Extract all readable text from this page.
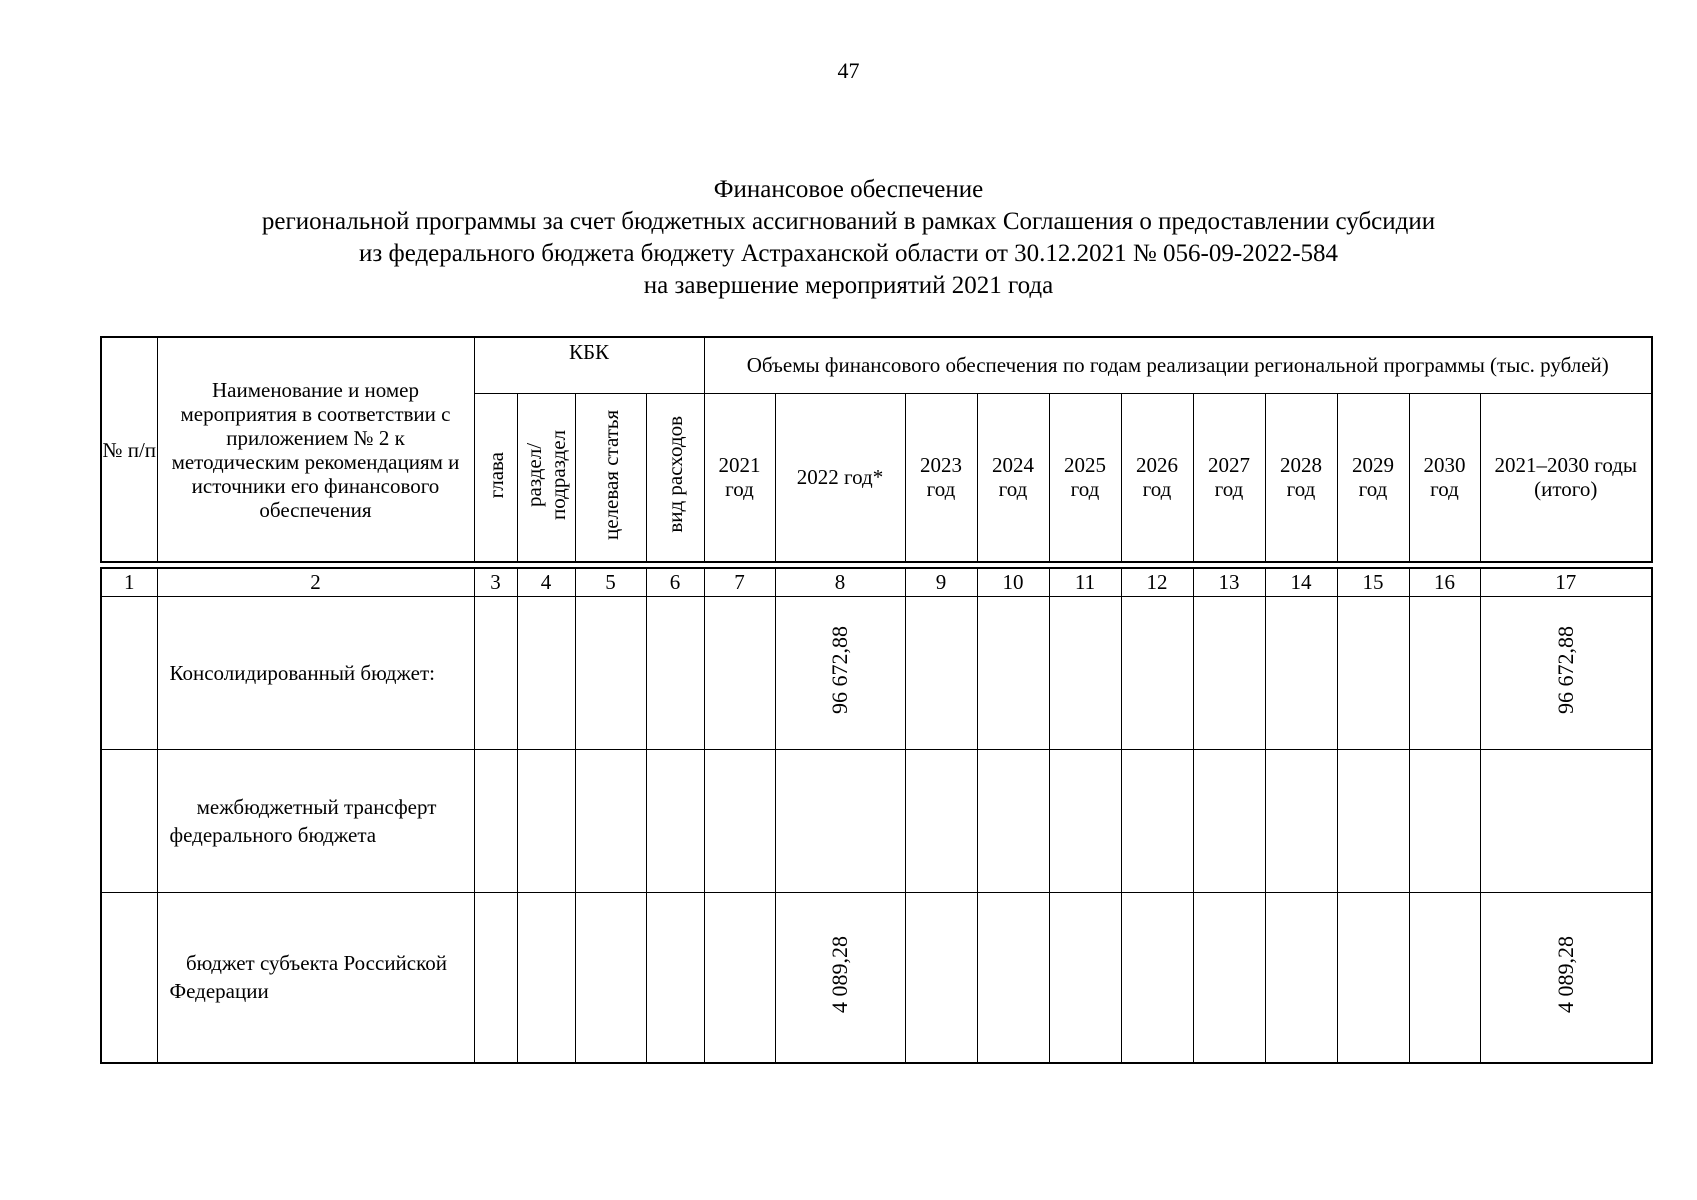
47
Финансовое обеспечение
региональной программы за счет бюджетных ассигнований в рамках Соглашения о предоставлении субсидии
из федерального бюджета бюджету Астраханской области от 30.12.2021 № 056-09-2022-584
на завершение мероприятий 2021 года
№ п/п	Наименование и номер мероприятия в соответствии с приложением № 2 к методическим рекомендациям и источники его финансового обеспечения	КБК				Объемы финансового обеспечения по годам реализации региональной программы (тыс. рублей)										
		глава	раздел/ подраздел	целевая статья	вид расходов	2021 год	2022 год*	2023 год	2024 год	2025 год	2026 год	2027 год	2028 год	2029 год	2030 год	2021–2030 годы (итого)
1	2	3	4	5	6	7	8	9	10	11	12	13	14	15	16	17
	Консолидированный бюджет:						96 672,88									96 672,88
	межбюджетный трансферт федерального бюджета															
	бюджет субъекта Российской Федерации						4 089,28									4 089,28
